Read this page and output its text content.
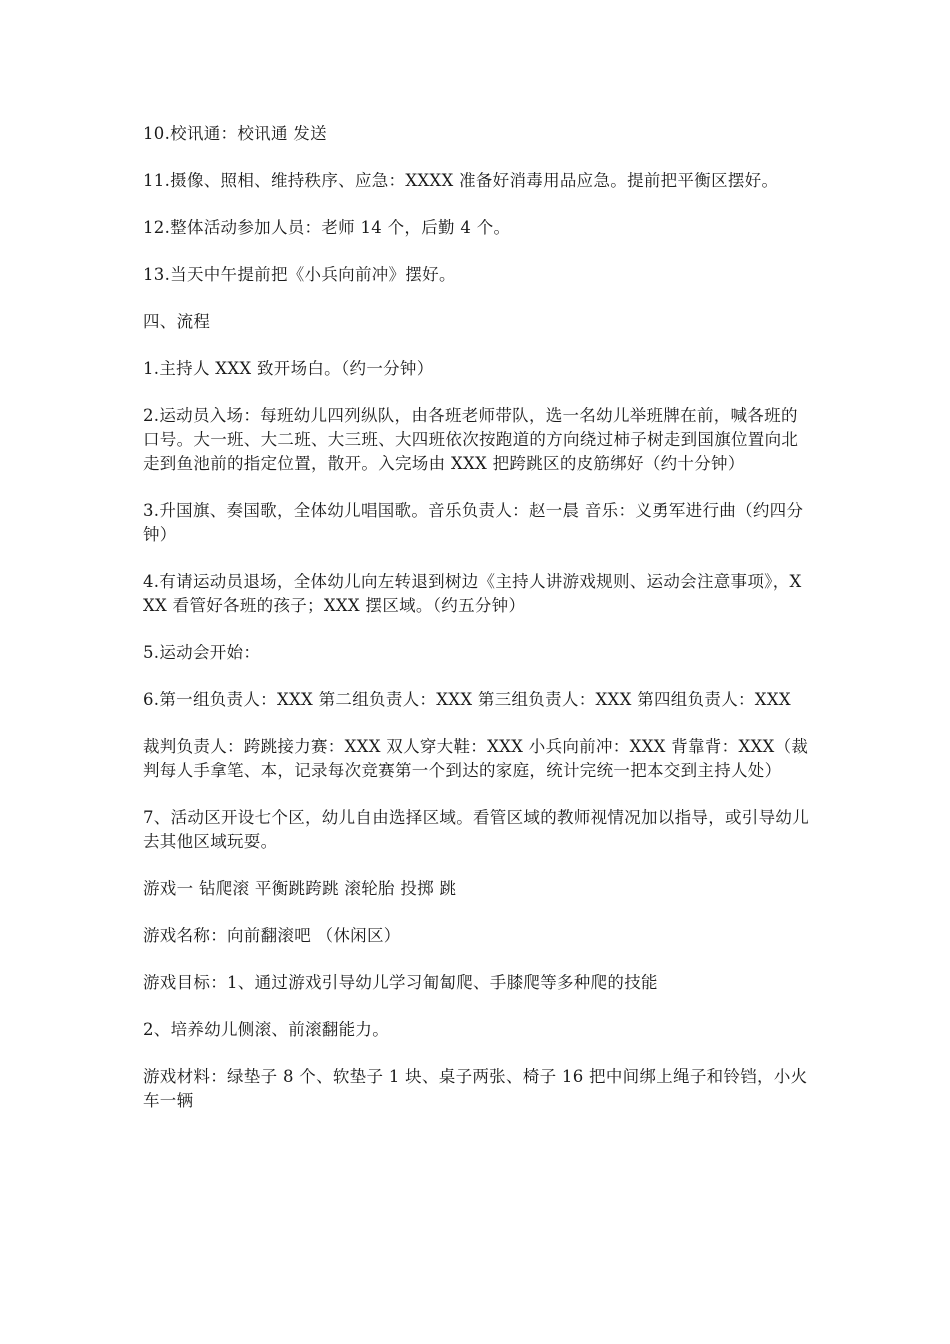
10.校讯通：校讯通 发送

11.摄像、照相、维持秩序、应急：XXXX 准备好消毒用品应急。提前把平衡区摆好。

12.整体活动参加人员：老师 14 个，后勤 4 个。

13.当天中午提前把《小兵向前冲》摆好。

四、流程

1.主持人 XXX 致开场白。（约一分钟）

2.运动员入场：每班幼儿四列纵队，由各班老师带队，选一名幼儿举班牌在前，喊各班的口号。大一班、大二班、大三班、大四班依次按跑道的方向绕过柿子树走到国旗位置向北走到鱼池前的指定位置，散开。入完场由 XXX 把跨跳区的皮筋绑好（约十分钟）

3.升国旗、奏国歌，全体幼儿唱国歌。音乐负责人：赵一晨 音乐：义勇军进行曲（约四分钟）

4.有请运动员退场，全体幼儿向左转退到树边《主持人讲游戏规则、运动会注意事项》，XXX 看管好各班的孩子；XXX 摆区域。（约五分钟）

5.运动会开始：

6.第一组负责人：XXX 第二组负责人：XXX 第三组负责人：XXX 第四组负责人：XXX

裁判负责人：跨跳接力赛：XXX 双人穿大鞋：XXX 小兵向前冲：XXX 背靠背：XXX（裁判每人手拿笔、本，记录每次竞赛第一个到达的家庭，统计完统一把本交到主持人处）

7、活动区开设七个区，幼儿自由选择区域。看管区域的教师视情况加以指导，或引导幼儿去其他区域玩耍。

游戏一 钻爬滚 平衡跳跨跳 滚轮胎 投掷 跳

游戏名称：向前翻滚吧 （休闲区）

游戏目标：1、通过游戏引导幼儿学习匍匐爬、手膝爬等多种爬的技能

2、培养幼儿侧滚、前滚翻能力。

游戏材料：绿垫子 8 个、软垫子 1 块、桌子两张、椅子 16 把中间绑上绳子和铃铛，小火车一辆
